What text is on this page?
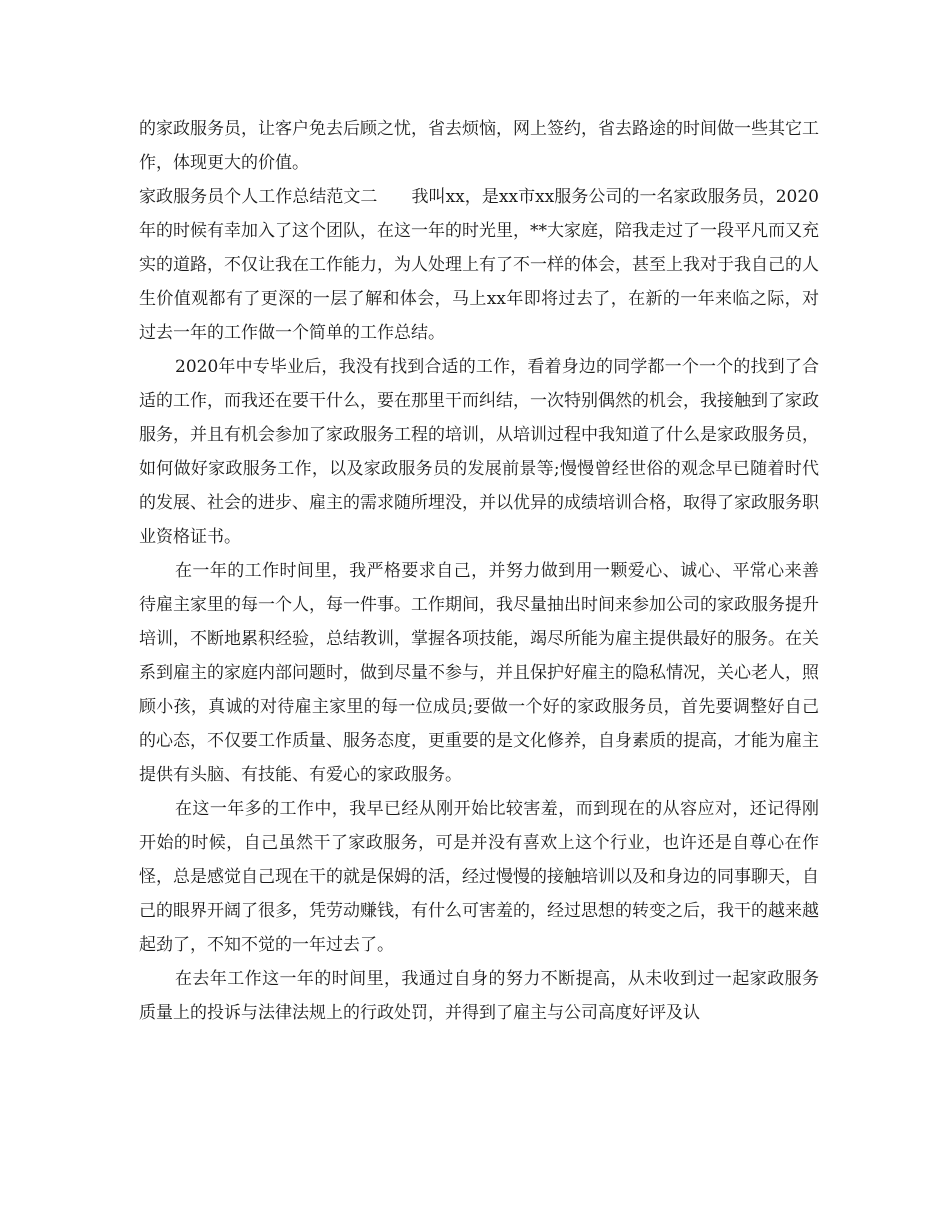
的家政服务员，让客户免去后顾之忧，省去烦恼，网上签约，省去路途的时间做一些其它工作，体现更大的价值。

家政服务员个人工作总结范文二　　我叫xx，是xx市xx服务公司的一名家政服务员，2020年的时候有幸加入了这个团队，在这一年的时光里，**大家庭，陪我走过了一段平凡而又充实的道路，不仅让我在工作能力，为人处理上有了不一样的体会，甚至上我对于我自己的人生价值观都有了更深的一层了解和体会，马上xx年即将过去了，在新的一年来临之际，对过去一年的工作做一个简单的工作总结。

2020年中专毕业后，我没有找到合适的工作，看着身边的同学都一个一个的找到了合适的工作，而我还在要干什么，要在那里干而纠结，一次特别偶然的机会，我接触到了家政服务，并且有机会参加了家政服务工程的培训，从培训过程中我知道了什么是家政服务员，如何做好家政服务工作，以及家政服务员的发展前景等;慢慢曾经世俗的观念早已随着时代的发展、社会的进步、雇主的需求随所埋没，并以优异的成绩培训合格，取得了家政服务职业资格证书。

在一年的工作时间里，我严格要求自己，并努力做到用一颗爱心、诚心、平常心来善待雇主家里的每一个人，每一件事。工作期间，我尽量抽出时间来参加公司的家政服务提升培训，不断地累积经验，总结教训，掌握各项技能，竭尽所能为雇主提供最好的服务。在关系到雇主的家庭内部问题时，做到尽量不参与，并且保护好雇主的隐私情况，关心老人，照顾小孩，真诚的对待雇主家里的每一位成员;要做一个好的家政服务员，首先要调整好自己的心态，不仅要工作质量、服务态度，更重要的是文化修养，自身素质的提高，才能为雇主提供有头脑、有技能、有爱心的家政服务。

在这一年多的工作中，我早已经从刚开始比较害羞，而到现在的从容应对，还记得刚开始的时候，自己虽然干了家政服务，可是并没有喜欢上这个行业，也许还是自尊心在作怪，总是感觉自己现在干的就是保姆的活，经过慢慢的接触培训以及和身边的同事聊天，自己的眼界开阔了很多，凭劳动赚钱，有什么可害羞的，经过思想的转变之后，我干的越来越起劲了，不知不觉的一年过去了。

在去年工作这一年的时间里，我通过自身的努力不断提高，从未收到过一起家政服务质量上的投诉与法律法规上的行政处罚，并得到了雇主与公司高度好评及认
